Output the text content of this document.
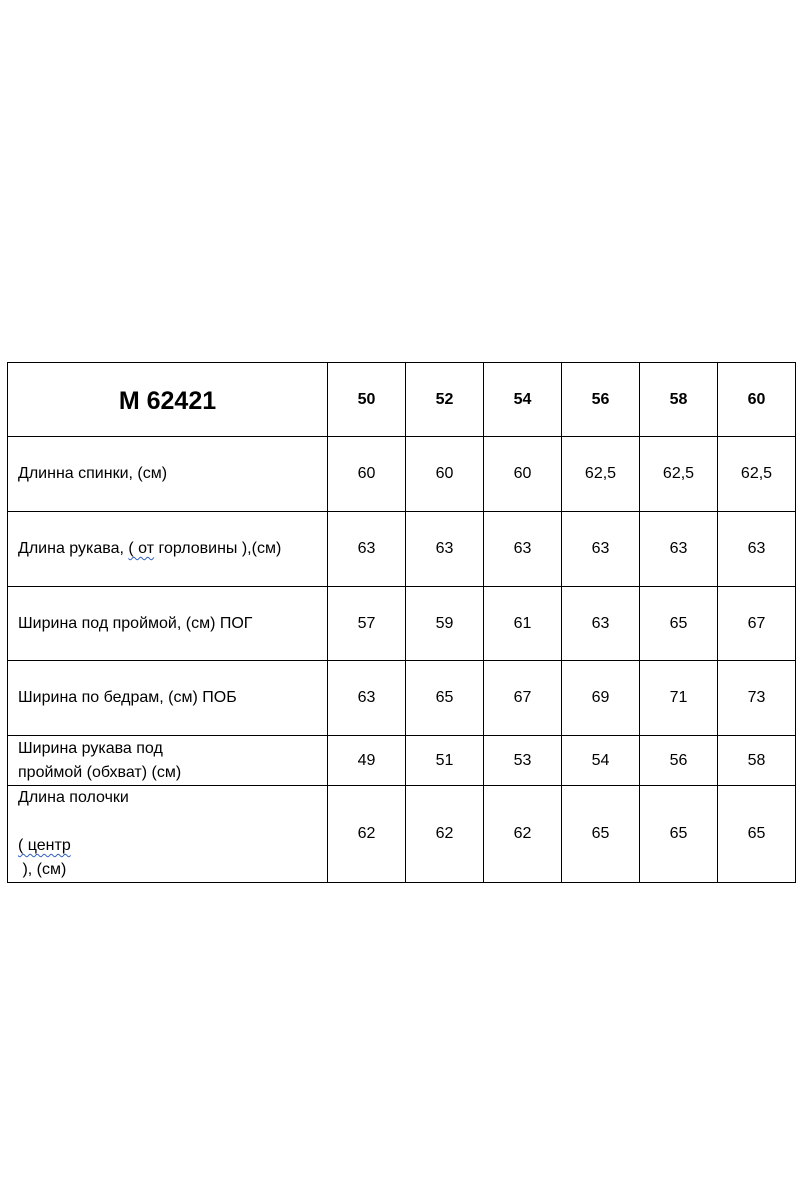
М 62421	50	52	54	56	58	60
Длинна спинки, (см)	60	60	60	62,5	62,5	62,5
Длина рукава, ( от горловины ),(см)	63	63	63	63	63	63
Ширина под проймой, (см) ПОГ	57	59	61	63	65	67
Ширина по бедрам, (см) ПОБ	63	65	67	69	71	73

Ширина рукава под
проймой (обхват) (см)	49	51	53	54	56	58

Длина полочки

( центр
), (см)	62	62	62	65	65	65
